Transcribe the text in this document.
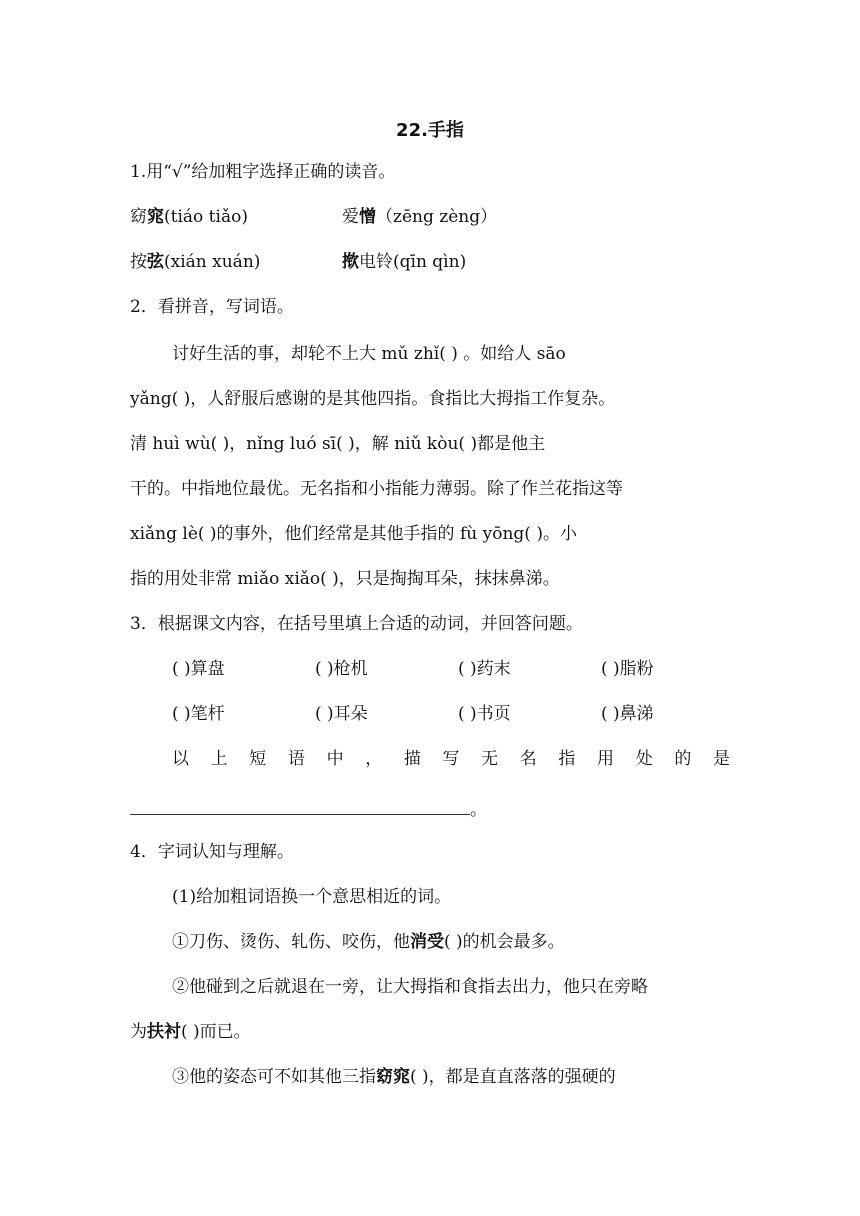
22.手指
1.用“√”给加粗字选择正确的读音。
窈窕(tiáo tiǎo)	爱憎（zēng zèng）
按弦(xián xuán)	揿电铃(qīn qìn)
2．看拼音，写词语。
讨好生活的事，却轮不上大 mǔ zhǐ( ) 。如给人 sāo
yǎng( )，人舒服后感谢的是其他四指。食指比大拇指工作复杂。
清 huì wù( )，nǐng luó sī( )，解 niǔ kòu( )都是他主
干的。中指地位最优。无名指和小指能力薄弱。除了作兰花指这等
xiǎng lè( )的事外，他们经常是其他手指的 fù yōng( )。小
指的用处非常 miǎo xiǎo( )，只是掏掏耳朵，抹抹鼻涕。
3．根据课文内容，在括号里填上合适的动词，并回答问题。
( )算盘	( )枪机	( )药末	( )脂粉
( )笔杆	( )耳朵	( )书页	( )鼻涕
以 上 短 语 中 ， 描 写 无 名 指 用 处 的 是
。
4．字词认知与理解。
(1)给加粗词语换一个意思相近的词。
①刀伤、烫伤、轧伤、咬伤，他消受( )的机会最多。
②他碰到之后就退在一旁，让大拇指和食指去出力，他只在旁略
为扶衬( )而已。
③他的姿态可不如其他三指窈窕( )，都是直直落落的强硬的
